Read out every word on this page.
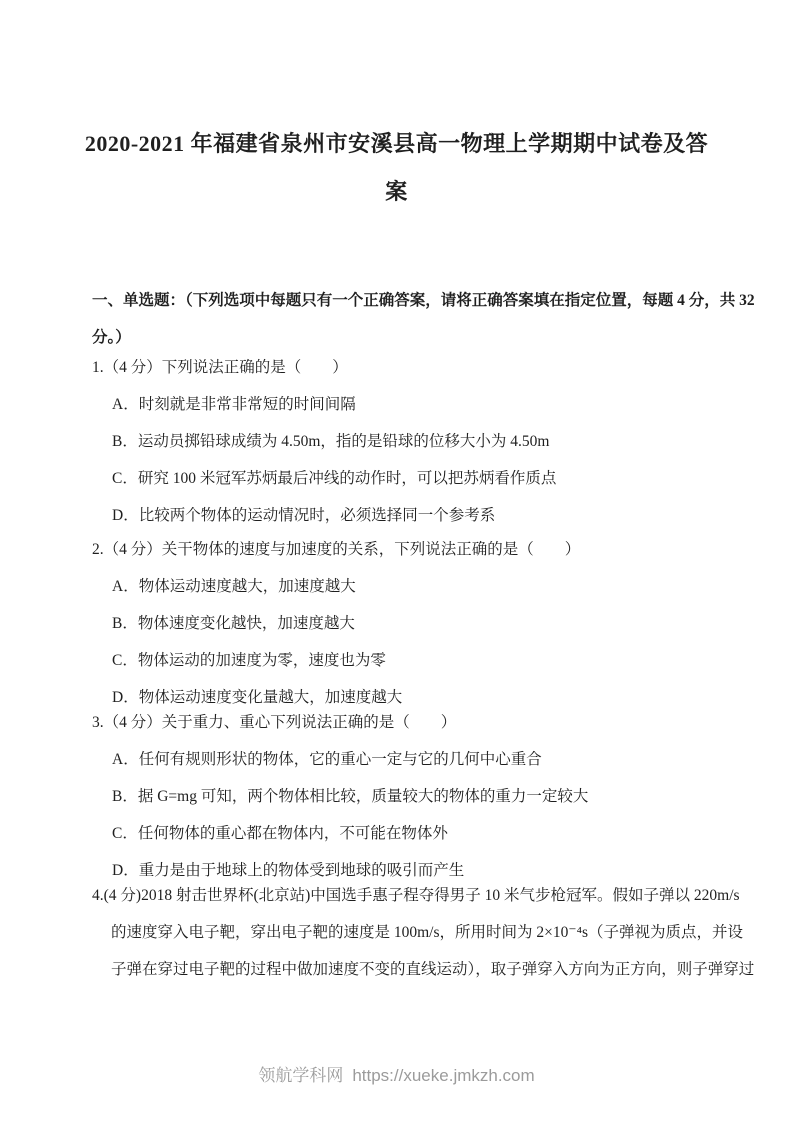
2020-2021 年福建省泉州市安溪县高一物理上学期期中试卷及答
案
一、单选题：（下列选项中每题只有一个正确答案，请将正确答案填在指定位置，每题 4 分，共 32
分。）
1.（4 分）下列说法正确的是（　　）
A．时刻就是非常非常短的时间间隔
B．运动员掷铅球成绩为 4.50m，指的是铅球的位移大小为 4.50m
C．研究 100 米冠军苏炳最后冲线的动作时，可以把苏炳看作质点
D．比较两个物体的运动情况时，必须选择同一个参考系
2.（4 分）关干物体的速度与加速度的关系，下列说法正确的是（　　）
A．物体运动速度越大，加速度越大
B．物体速度变化越快，加速度越大
C．物体运动的加速度为零，速度也为零
D．物体运动速度变化量越大，加速度越大
3.（4 分）关于重力、重心下列说法正确的是（　　）
A．任何有规则形状的物体，它的重心一定与它的几何中心重合
B．据 G=mg 可知，两个物体相比较，质量较大的物体的重力一定较大
C．任何物体的重心都在物体内，不可能在物体外
D．重力是由于地球上的物体受到地球的吸引而产生
4.(4 分)2018 射击世界杯(北京站)中国选手惠子程夺得男子 10 米气步枪冠军。假如子弹以 220m/s
的速度穿入电子靶，穿出电子靶的速度是 100m/s，所用时间为 2×10⁻⁴s（子弹视为质点，并设
子弹在穿过电子靶的过程中做加速度不变的直线运动），取子弹穿入方向为正方向，则子弹穿过
领航学科网 https://xueke.jmkzh.com
